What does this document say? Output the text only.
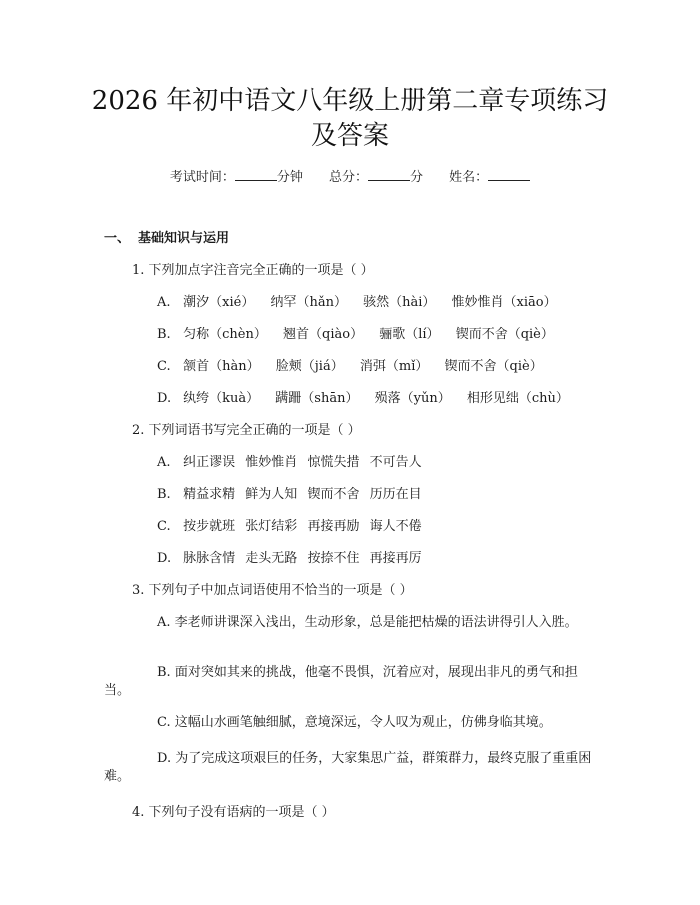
2026 年初中语文八年级上册第二章专项练习
及答案
考试时间：	分钟 总分：	分 姓名：
一、 基础知识与运用
1. 下列加点字注音完全正确的一项是（ ）
A. 潮汐（xié） 纳罕（hǎn） 骇然（hài） 惟妙惟肖（xiāo）
B. 匀称（chèn） 翘首（qiào） 骊歌（lí） 锲而不舍（qiè）
C. 颔首（hàn） 脸颊（jiá） 消弭（mǐ） 锲而不舍（qiè）
D. 纨绔（kuà） 蹒跚（shān） 殒落（yǔn） 相形见绌（chù）
2. 下列词语书写完全正确的一项是（ ）
A. 纠正谬误 惟妙惟肖 惊慌失措 不可告人
B. 精益求精 鲜为人知 锲而不舍 历历在目
C. 按步就班 张灯结彩 再接再励 诲人不倦
D. 脉脉含情 走头无路 按捺不住 再接再厉
3. 下列句子中加点词语使用不恰当的一项是（ ）
A. 李老师讲课深入浅出，生动形象，总是能把枯燥的语法讲得引人入胜。
B. 面对突如其来的挑战，他毫不畏惧，沉着应对，展现出非凡的勇气和担当。
C. 这幅山水画笔触细腻，意境深远，令人叹为观止，仿佛身临其境。
D. 为了完成这项艰巨的任务，大家集思广益，群策群力，最终克服了重重困难。
4. 下列句子没有语病的一项是（ ）
